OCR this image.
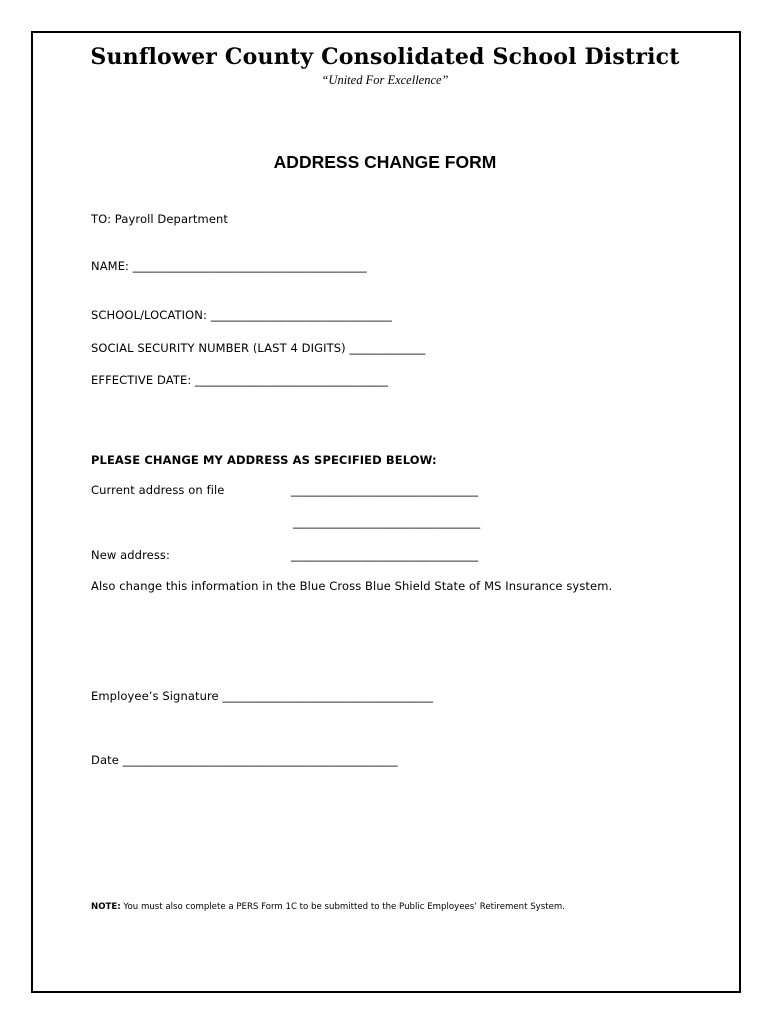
Sunflower County Consolidated School District
“United For Excellence”
ADDRESS CHANGE FORM
TO: Payroll Department
NAME: ________________________________________
SCHOOL/LOCATION: _______________________________
SOCIAL SECURITY NUMBER (LAST 4 DIGITS) _____________
EFFECTIVE DATE: _________________________________
PLEASE CHANGE MY ADDRESS AS SPECIFIED BELOW:
Current address on file	________________________________
________________________________
New address:	________________________________
Also change this information in the Blue Cross Blue Shield State of MS Insurance system.
Employee’s Signature ____________________________________
Date _______________________________________________
NOTE: You must also complete a PERS Form 1C to be submitted to the Public Employees’ Retirement System.
